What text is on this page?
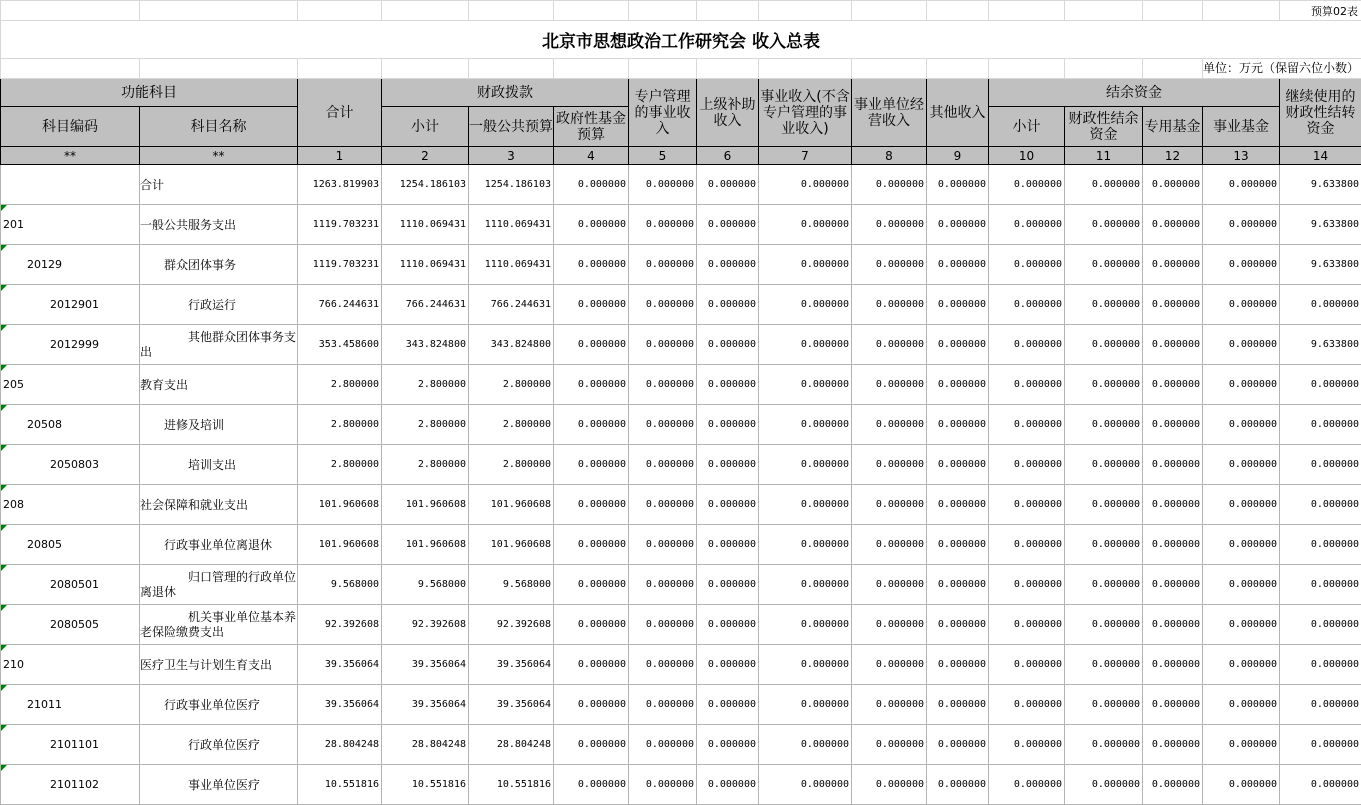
															预算02表
北京市思想政治工作研究会 收入总表															
														单位：万元（保留六位小数）	
功能科目		合计	财政拨款			专户管理的事业收入	上级补助收入	事业收入(不含专户管理的事业收入)	事业单位经营收入	其他收入	结余资金				继续使用的财政性结转资金
科目编码	科目名称		小计	一般公共预算	政府性基金预算						小计	财政性结余资金	专用基金	事业基金	
**	**	1	2	3	4	5	6	7	8	9	10	11	12	13	14
	合计	1263.819903	1254.186103	1254.186103	0.000000	0.000000	0.000000	0.000000	0.000000	0.000000	0.000000	0.000000	0.000000	0.000000	9.633800

201	一般公共服务支出	1119.703231	1110.069431	1110.069431	0.000000	0.000000	0.000000	0.000000	0.000000	0.000000	0.000000	0.000000	0.000000	0.000000	9.633800

20129	群众团体事务	1119.703231	1110.069431	1110.069431	0.000000	0.000000	0.000000	0.000000	0.000000	0.000000	0.000000	0.000000	0.000000	0.000000	9.633800

2012901	行政运行	766.244631	766.244631	766.244631	0.000000	0.000000	0.000000	0.000000	0.000000	0.000000	0.000000	0.000000	0.000000	0.000000	0.000000

2012999	其他群众团体事务支出	353.458600	343.824800	343.824800	0.000000	0.000000	0.000000	0.000000	0.000000	0.000000	0.000000	0.000000	0.000000	0.000000	9.633800

205	教育支出	2.800000	2.800000	2.800000	0.000000	0.000000	0.000000	0.000000	0.000000	0.000000	0.000000	0.000000	0.000000	0.000000	0.000000

20508	进修及培训	2.800000	2.800000	2.800000	0.000000	0.000000	0.000000	0.000000	0.000000	0.000000	0.000000	0.000000	0.000000	0.000000	0.000000

2050803	培训支出	2.800000	2.800000	2.800000	0.000000	0.000000	0.000000	0.000000	0.000000	0.000000	0.000000	0.000000	0.000000	0.000000	0.000000

208	社会保障和就业支出	101.960608	101.960608	101.960608	0.000000	0.000000	0.000000	0.000000	0.000000	0.000000	0.000000	0.000000	0.000000	0.000000	0.000000

20805	行政事业单位离退休	101.960608	101.960608	101.960608	0.000000	0.000000	0.000000	0.000000	0.000000	0.000000	0.000000	0.000000	0.000000	0.000000	0.000000

2080501	归口管理的行政单位离退休	9.568000	9.568000	9.568000	0.000000	0.000000	0.000000	0.000000	0.000000	0.000000	0.000000	0.000000	0.000000	0.000000	0.000000

2080505	机关事业单位基本养老保险缴费支出	92.392608	92.392608	92.392608	0.000000	0.000000	0.000000	0.000000	0.000000	0.000000	0.000000	0.000000	0.000000	0.000000	0.000000

210	医疗卫生与计划生育支出	39.356064	39.356064	39.356064	0.000000	0.000000	0.000000	0.000000	0.000000	0.000000	0.000000	0.000000	0.000000	0.000000	0.000000

21011	行政事业单位医疗	39.356064	39.356064	39.356064	0.000000	0.000000	0.000000	0.000000	0.000000	0.000000	0.000000	0.000000	0.000000	0.000000	0.000000

2101101	行政单位医疗	28.804248	28.804248	28.804248	0.000000	0.000000	0.000000	0.000000	0.000000	0.000000	0.000000	0.000000	0.000000	0.000000	0.000000

2101102	事业单位医疗	10.551816	10.551816	10.551816	0.000000	0.000000	0.000000	0.000000	0.000000	0.000000	0.000000	0.000000	0.000000	0.000000	0.000000
